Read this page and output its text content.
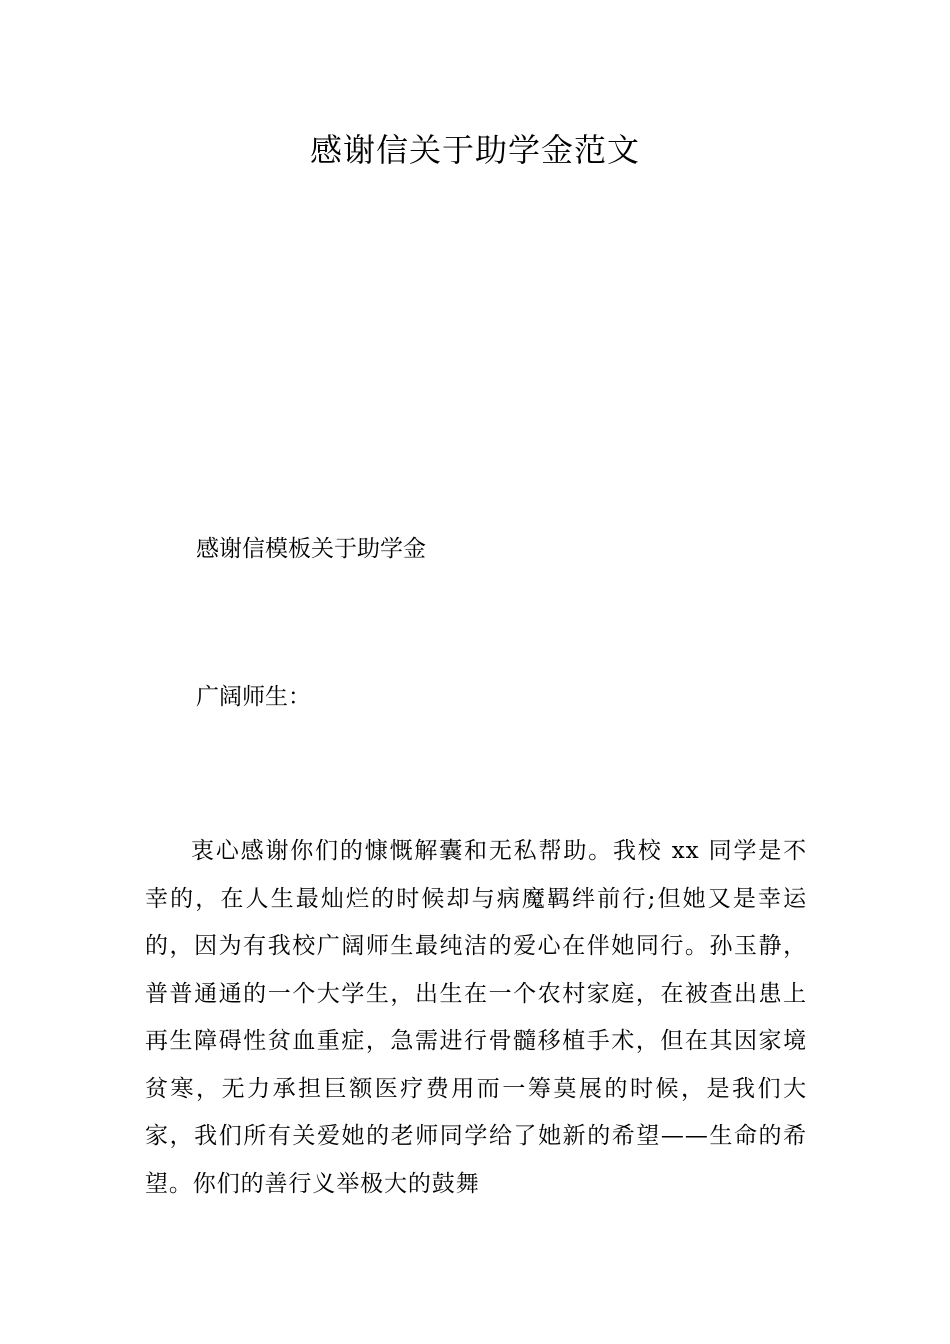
感谢信关于助学金范文
感谢信模板关于助学金
广阔师生：

衷心感谢你们的慷慨解囊和无私帮助。我校 xx 同学是不幸的，在人生最灿烂的时候却与病魔羁绊前行;但她又是幸运的，因为有我校广阔师生最纯洁的爱心在伴她同行。孙玉静，普普通通的一个大学生，出生在一个农村家庭，在被查出患上再生障碍性贫血重症，急需进行骨髓移植手术，但在其因家境贫寒，无力承担巨额医疗费用而一筹莫展的时候，是我们大家，我们所有关爱她的老师同学给了她新的希望——生命的希望。你们的善行义举极大的鼓舞
